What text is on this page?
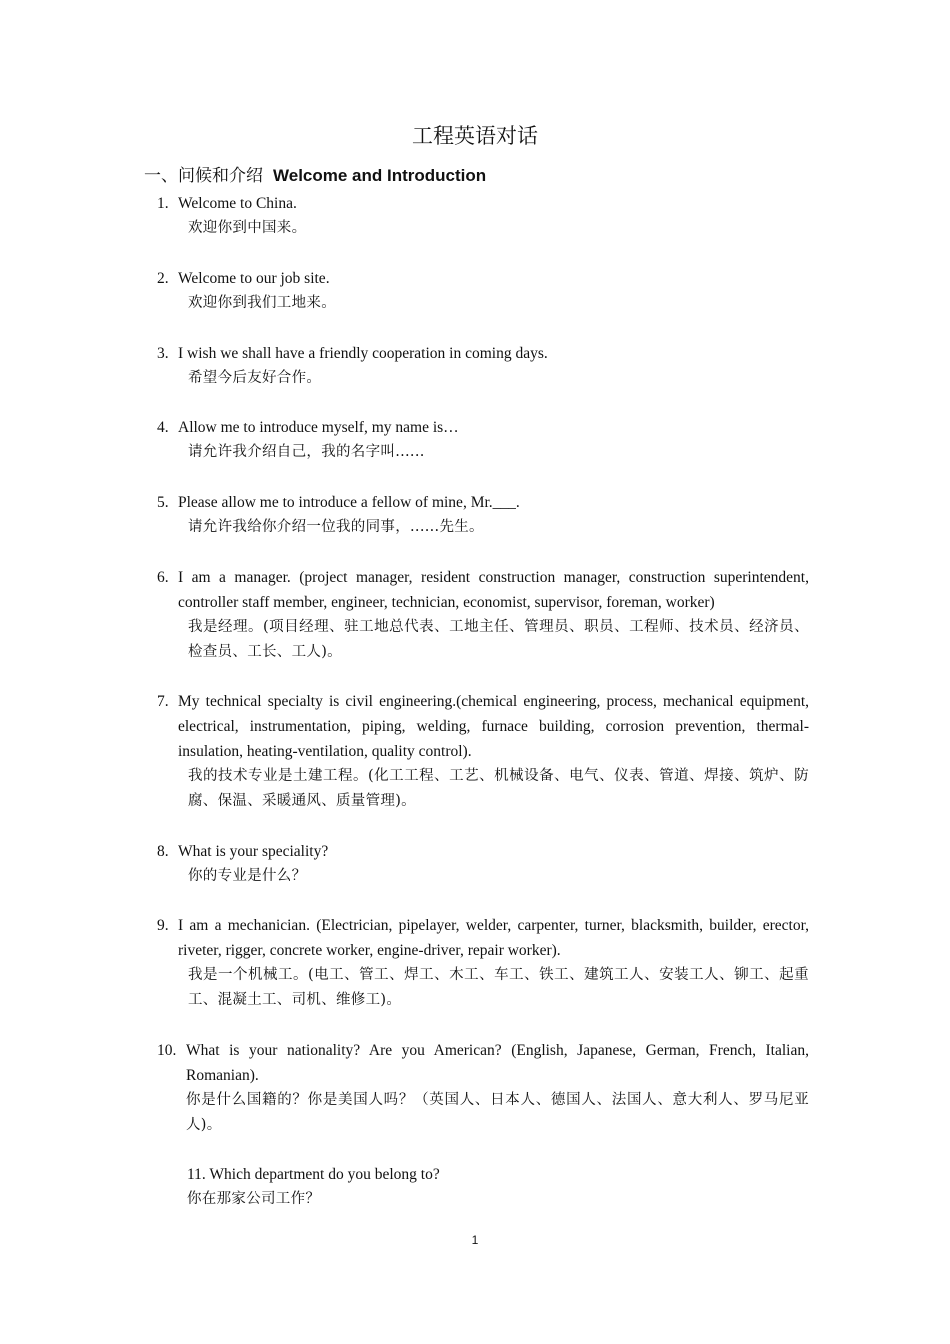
工程英语对话
一、问候和介绍 Welcome and Introduction
1. Welcome to China.
欢迎你到中国来。
2. Welcome to our job site.
欢迎你到我们工地来。
3. I wish we shall have a friendly cooperation in coming days.
希望今后友好合作。
4. Allow me to introduce myself, my name is…
请允许我介绍自己，我的名字叫......
5. Please allow me to introduce a fellow of mine, Mr.___.
请允许我给你介绍一位我的同事，......先生。
6. I am a manager. (project manager, resident construction manager, construction superintendent, controller staff member, engineer, technician, economist, supervisor, foreman, worker)
我是经理。(项目经理、驻工地总代表、工地主任、管理员、职员、工程师、技术员、经济员、检查员、工长、工人)。
7. My technical specialty is civil engineering.(chemical engineering, process, mechanical equipment, electrical, instrumentation, piping, welding, furnace building, corrosion prevention, thermal-insulation, heating-ventilation, quality control).
我的技术专业是土建工程。(化工工程、工艺、机械设备、电气、仪表、管道、焊接、筑炉、防腐、保温、采暖通风、质量管理)。
8. What is your speciality?
你的专业是什么？
9. I am a mechanician. (Electrician, pipelayer, welder, carpenter, turner, blacksmith, builder, erector, riveter, rigger, concrete worker, engine-driver, repair worker).
我是一个机械工。(电工、管工、焊工、木工、车工、铁工、建筑工人、安装工人、铆工、起重工、混凝土工、司机、维修工)。
10. What is your nationality? Are you American? (English, Japanese, German, French, Italian, Romanian).
你是什么国籍的？你是美国人吗？（英国人、日本人、德国人、法国人、意大利人、罗马尼亚人)。
11. Which department do you belong to?
你在那家公司工作？
1
